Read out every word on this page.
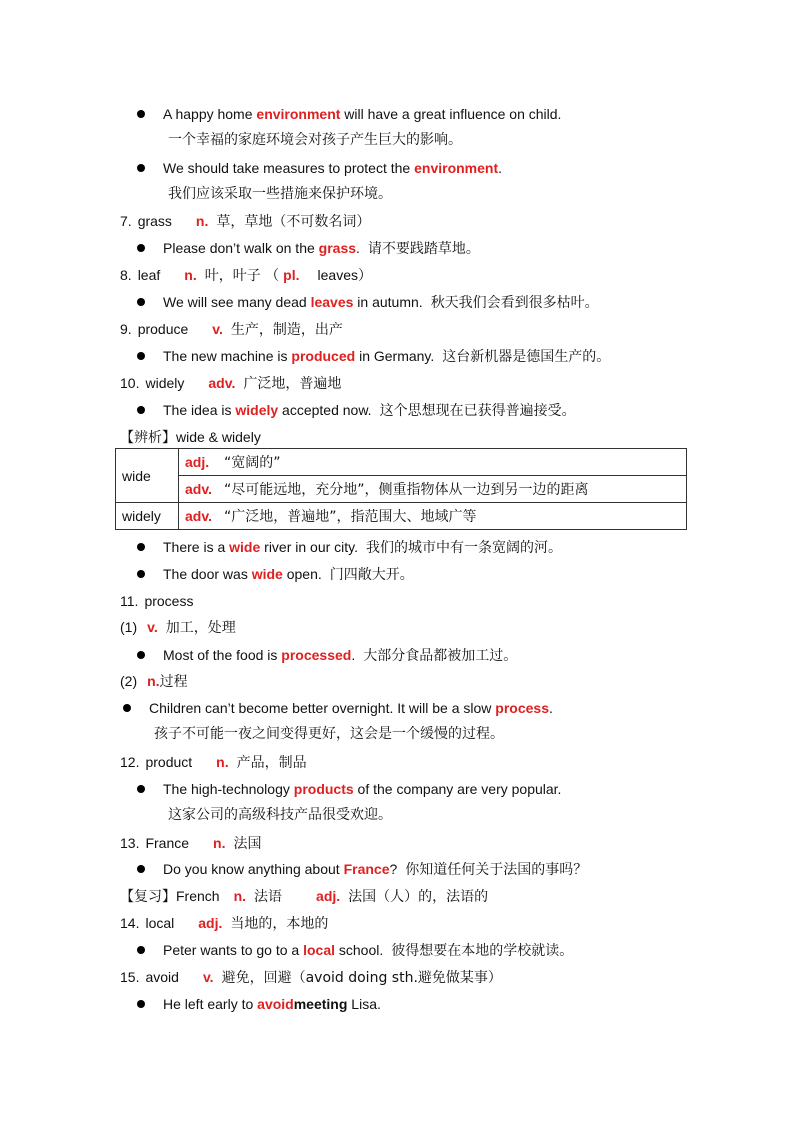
A happy home environment will have a great influence on child.
一个幸福的家庭环境会对孩子产生巨大的影响。
We should take measures to protect the environment.
我们应该采取一些措施来保护环境。
7. grass n. 草，草地（不可数名词）
Please don’t walk on the grass. 请不要践踏草地。
8. leaf n. 叶，叶子 （ pl. leaves）
We will see many dead leaves in autumn. 秋天我们会看到很多枯叶。
9. produce v. 生产，制造，出产
The new machine is produced in Germany. 这台新机器是德国生产的。
10. widely adv. 广泛地，普遍地
The idea is widely accepted now. 这个思想现在已获得普遍接受。
【辨析】wide & widely
There is a wide river in our city. 我们的城市中有一条宽阔的河。
The door was wide open. 门四敞大开。
11. process
(1) v. 加工，处理
Most of the food is processed. 大部分食品都被加工过。
(2) n.过程
Children can’t become better overnight. It will be a slow process.
孩子不可能一夜之间变得更好，这会是一个缓慢的过程。
12. product n. 产品，制品
The high-technology products of the company are very popular.
这家公司的高级科技产品很受欢迎。
13. France n. 法国
Do you know anything about France? 你知道任何关于法国的事吗？
【复习】French n. 法语 adj. 法国（人）的，法语的
14. local adj. 当地的，本地的
Peter wants to go to a local school. 彼得想要在本地的学校就读。
15. avoid v. 避免，回避（avoid doing sth.避免做某事）
He left early to avoidmeeting Lisa.
wide	adj.	“宽阔的”
	adv.	“尽可能远地，充分地”，侧重指物体从一边到另一边的距离
widely	adv.	“广泛地，普遍地”，指范围大、地域广等
